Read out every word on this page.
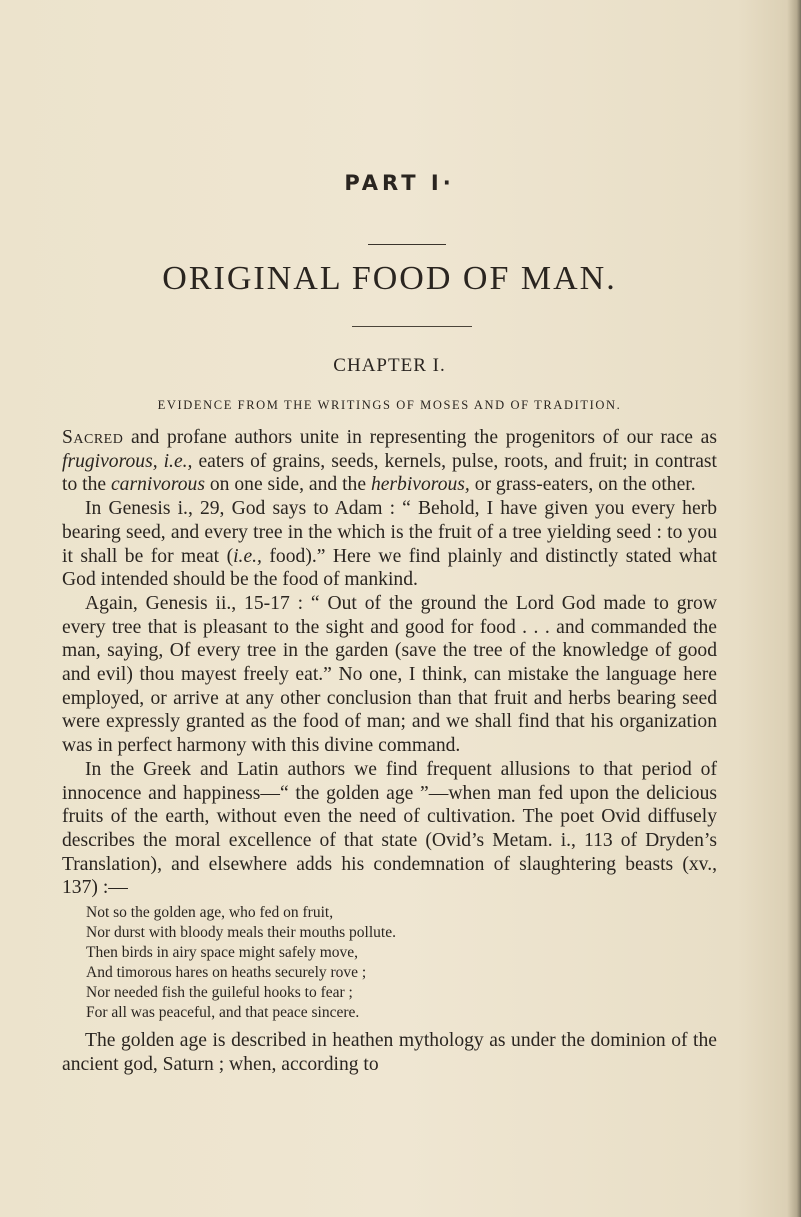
PART I·
ORIGINAL FOOD OF MAN.
CHAPTER I.
EVIDENCE FROM THE WRITINGS OF MOSES AND OF TRADITION.

Sacred and profane authors unite in representing the progenitors of our race as frugivorous, i.e., eaters of grains, seeds, kernels, pulse, roots, and fruit; in contrast to the carnivorous on one side, and the herbivorous, or grass-eaters, on the other.

In Genesis i., 29, God says to Adam : “ Behold, I have given you every herb bearing seed, and every tree in the which is the fruit of a tree yielding seed : to you it shall be for meat (i.e., food).” Here we find plainly and distinctly stated what God intended should be the food of mankind.

Again, Genesis ii., 15-17 : “ Out of the ground the Lord God made to grow every tree that is pleasant to the sight and good for food . . . and commanded the man, saying, Of every tree in the garden (save the tree of the knowledge of good and evil) thou mayest freely eat.” No one, I think, can mistake the language here employed, or arrive at any other conclusion than that fruit and herbs bearing seed were expressly granted as the food of man; and we shall find that his organization was in perfect harmony with this divine command.

In the Greek and Latin authors we find frequent allusions to that period of innocence and happiness—“ the golden age ”—when man fed upon the delicious fruits of the earth, without even the need of cultivation. The poet Ovid diffusely describes the moral excellence of that state (Ovid’s Metam. i., 113 of Dryden’s Translation), and elsewhere adds his condemnation of slaughtering beasts (xv., 137) :—

Not so the golden age, who fed on fruit,
Nor durst with bloody meals their mouths pollute.
Then birds in airy space might safely move,
And timorous hares on heaths securely rove ;
Nor needed fish the guileful hooks to fear ;
For all was peaceful, and that peace sincere.

The golden age is described in heathen mythology as under the dominion of the ancient god, Saturn ; when, according to
